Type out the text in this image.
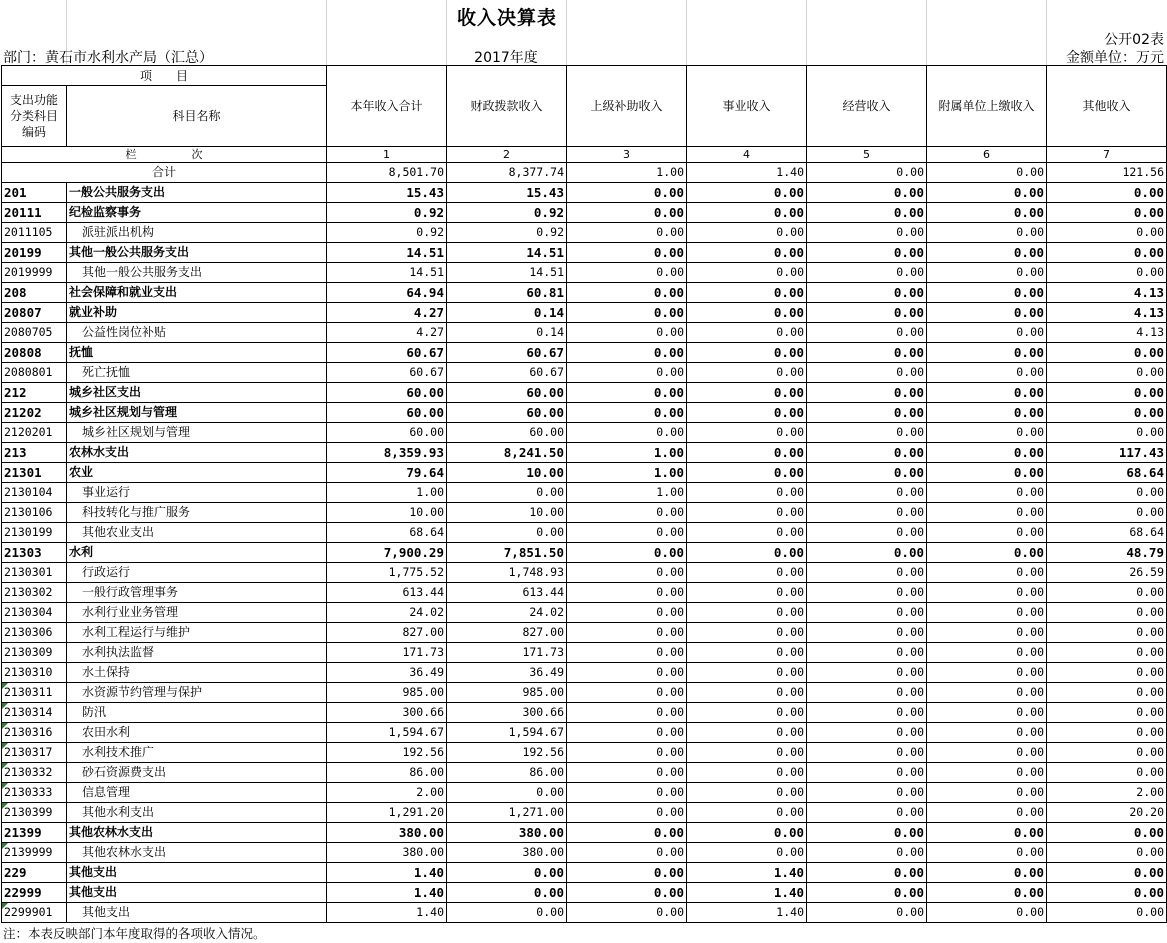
收入决算表
公开02表
部门：黄石市水利水产局（汇总）	2017年度	金额单位：万元
项　　目		本年收入合计	财政拨款收入	上级补助收入	事业收入	经营收入	附属单位上缴收入	其他收入
支出功能分类科目编码	科目名称							
栏　　　　　次		1	2	3	4	5	6	7
合计		8,501.70	8,377.74	1.00	1.40	0.00	0.00	121.56
201	一般公共服务支出	15.43	15.43	0.00	0.00	0.00	0.00	0.00
20111	纪检监察事务	0.92	0.92	0.00	0.00	0.00	0.00	0.00
2011105	派驻派出机构	0.92	0.92	0.00	0.00	0.00	0.00	0.00
20199	其他一般公共服务支出	14.51	14.51	0.00	0.00	0.00	0.00	0.00
2019999	其他一般公共服务支出	14.51	14.51	0.00	0.00	0.00	0.00	0.00
208	社会保障和就业支出	64.94	60.81	0.00	0.00	0.00	0.00	4.13
20807	就业补助	4.27	0.14	0.00	0.00	0.00	0.00	4.13
2080705	公益性岗位补贴	4.27	0.14	0.00	0.00	0.00	0.00	4.13
20808	抚恤	60.67	60.67	0.00	0.00	0.00	0.00	0.00
2080801	死亡抚恤	60.67	60.67	0.00	0.00	0.00	0.00	0.00
212	城乡社区支出	60.00	60.00	0.00	0.00	0.00	0.00	0.00
21202	城乡社区规划与管理	60.00	60.00	0.00	0.00	0.00	0.00	0.00
2120201	城乡社区规划与管理	60.00	60.00	0.00	0.00	0.00	0.00	0.00
213	农林水支出	8,359.93	8,241.50	1.00	0.00	0.00	0.00	117.43
21301	农业	79.64	10.00	1.00	0.00	0.00	0.00	68.64
2130104	事业运行	1.00	0.00	1.00	0.00	0.00	0.00	0.00
2130106	科技转化与推广服务	10.00	10.00	0.00	0.00	0.00	0.00	0.00
2130199	其他农业支出	68.64	0.00	0.00	0.00	0.00	0.00	68.64
21303	水利	7,900.29	7,851.50	0.00	0.00	0.00	0.00	48.79
2130301	行政运行	1,775.52	1,748.93	0.00	0.00	0.00	0.00	26.59
2130302	一般行政管理事务	613.44	613.44	0.00	0.00	0.00	0.00	0.00
2130304	水利行业业务管理	24.02	24.02	0.00	0.00	0.00	0.00	0.00
2130306	水利工程运行与维护	827.00	827.00	0.00	0.00	0.00	0.00	0.00
2130309	水利执法监督	171.73	171.73	0.00	0.00	0.00	0.00	0.00
2130310	水土保持	36.49	36.49	0.00	0.00	0.00	0.00	0.00

2130311	水资源节约管理与保护	985.00	985.00	0.00	0.00	0.00	0.00	0.00

2130314	防汛	300.66	300.66	0.00	0.00	0.00	0.00	0.00

2130316	农田水利	1,594.67	1,594.67	0.00	0.00	0.00	0.00	0.00

2130317	水利技术推广	192.56	192.56	0.00	0.00	0.00	0.00	0.00

2130332	砂石资源费支出	86.00	86.00	0.00	0.00	0.00	0.00	0.00

2130333	信息管理	2.00	0.00	0.00	0.00	0.00	0.00	2.00

2130399	其他水利支出	1,291.20	1,271.00	0.00	0.00	0.00	0.00	20.20
21399	其他农林水支出	380.00	380.00	0.00	0.00	0.00	0.00	0.00

2139999	其他农林水支出	380.00	380.00	0.00	0.00	0.00	0.00	0.00
229	其他支出	1.40	0.00	0.00	1.40	0.00	0.00	0.00
22999	其他支出	1.40	0.00	0.00	1.40	0.00	0.00	0.00

2299901	其他支出	1.40	0.00	0.00	1.40	0.00	0.00	0.00
注：本表反映部门本年度取得的各项收入情况。
